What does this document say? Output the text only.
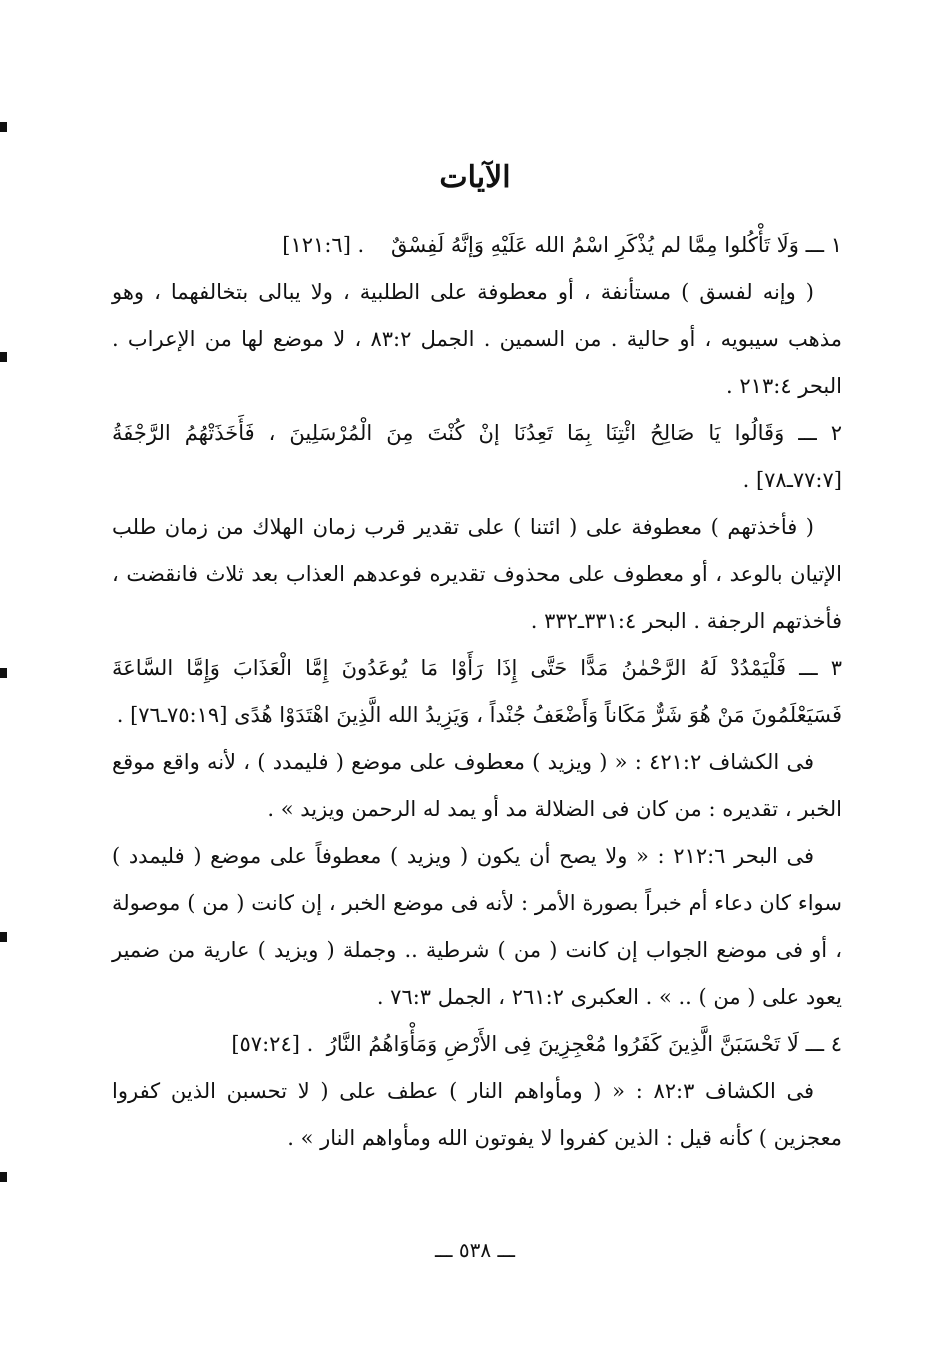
الآيات

١ ـــ وَلَا تَأْكُلوا مِمَّا لم يُذْكَرِ اسْمُ الله عَلَيْهِ وَإنَّهُ لَفِسْقٌ    [١٢١:٦] .

( وإنه لفسق ) مستأنفة ، أو معطوفة على الطلبية ، ولا يبالى بتخالفهما ، وهو مذهب سيبويه ، أو حالية . من السمين . الجمل ٨٣:٢ ، لا موضع لها من الإعراب . البحر ٢١٣:٤ .

٢ ـــ وَقَالُوا يَا صَالِحُ ائْتِنَا بِمَا تَعِدُنَا إنْ كُنْتَ مِنَ الْمُرْسَلِينَ ، فَأَخَذَتْهُمُ الرَّجْفَةُ . [٧٧:٧ـ٧٨]

( فأخذتهم ) معطوفة على ( ائتنا ) على تقدير قرب زمان الهلاك من زمان طلب الإتيان بالوعد ، أو معطوف على محذوف تقديره فوعدهم العذاب بعد ثلاث فانقضت ، فأخذتهم الرجفة . البحر ٣٣١:٤ـ٣٣٢ .

٣ ـــ فَلْيَمْدُدْ لَهُ الرَّحْمٰنُ مَدًّا حَتَّى إِذَا رَأَوْا مَا يُوعَدُونَ إِمَّا الْعَذَابَ وَإِمَّا السَّاعَةَ فَسَيَعْلَمُونَ مَنْ هُوَ شَرٌّ مَكَاناً وَأَضْعَفُ جُنْداً ، وَيَزِيدُ الله الَّذِينَ اهْتَدَوْا هُدًى . [٧٥:١٩ـ٧٦]

فى الكشاف ٤٢١:٢ : « ( ويزيد ) معطوف على موضع ( فليمدد ) ، لأنه واقع موقع الخبر ، تقديره : من كان فى الضلالة مد أو يمد له الرحمن ويزيد » .

فى البحر ٢١٢:٦ : « ولا يصح أن يكون ( ويزيد ) معطوفاً على موضع ( فليمدد ) سواء كان دعاء أم خبراً بصورة الأمر : لأنه فى موضع الخبر ، إن كانت ( من ) موصولة ، أو فى موضع الجواب إن كانت ( من ) شرطية .. وجملة ( ويزيد ) عارية من ضمير يعود على ( من ) .. » . العكبرى ٢٦١:٢ ، الجمل ٧٦:٣ .

٤ ـــ لَا تَحْسَبَنَّ الَّذِينَ كَفَرُوا مُعْجِزِينَ فِى الأَرْضِ وَمَأْوَاهُمُ النَّارُ  [٥٧:٢٤] .

فى الكشاف ٨٢:٣ : « ( ومأواهم النار ) عطف على ( لا تحسبن الذين كفروا معجزين ) كأنه قيل : الذين كفروا لا يفوتون الله ومأواهم النار » .

ـــ ٥٣٨ ـــ
